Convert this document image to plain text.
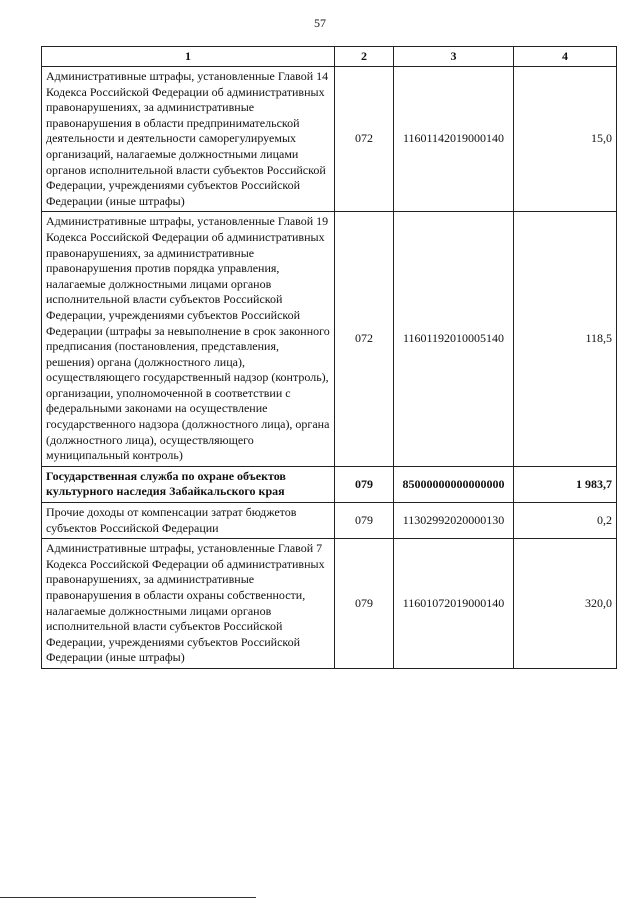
57
1	2	3	4
Административные штрафы, установленные Главой 14 Кодекса Российской Федерации об административных правонарушениях, за административные правонарушения в области предпринимательской деятельности и деятельности саморегулируемых организаций, налагаемые должностными лицами органов исполнительной власти субъектов Российской Федерации, учреждениями субъектов Российской Федерации (иные штрафы)	072	11601142019000140	15,0
Административные штрафы, установленные Главой 19 Кодекса Российской Федерации об административных правонарушениях, за административные правонарушения против порядка управления, налагаемые должностными лицами органов исполнительной власти субъектов Российской Федерации, учреждениями субъектов Российской Федерации (штрафы за невыполнение в срок законного предписания (постановления, представления, решения) органа (должностного лица), осуществляющего государственный надзор (контроль), организации, уполномоченной в соответствии с федеральными законами на осуществление государственного надзора (должностного лица), органа (должностного лица), осуществляющего муниципальный контроль)	072	11601192010005140	118,5
Государственная служба по охране объектов культурного наследия Забайкальского края	079	85000000000000000	1 983,7
Прочие доходы от компенсации затрат бюджетов субъектов Российской Федерации	079	11302992020000130	0,2
Административные штрафы, установленные Главой 7 Кодекса Российской Федерации об административных правонарушениях, за административные правонарушения в области охраны собственности, налагаемые должностными лицами органов исполнительной власти субъектов Российской Федерации, учреждениями субъектов Российской Федерации (иные штрафы)	079	11601072019000140	320,0
